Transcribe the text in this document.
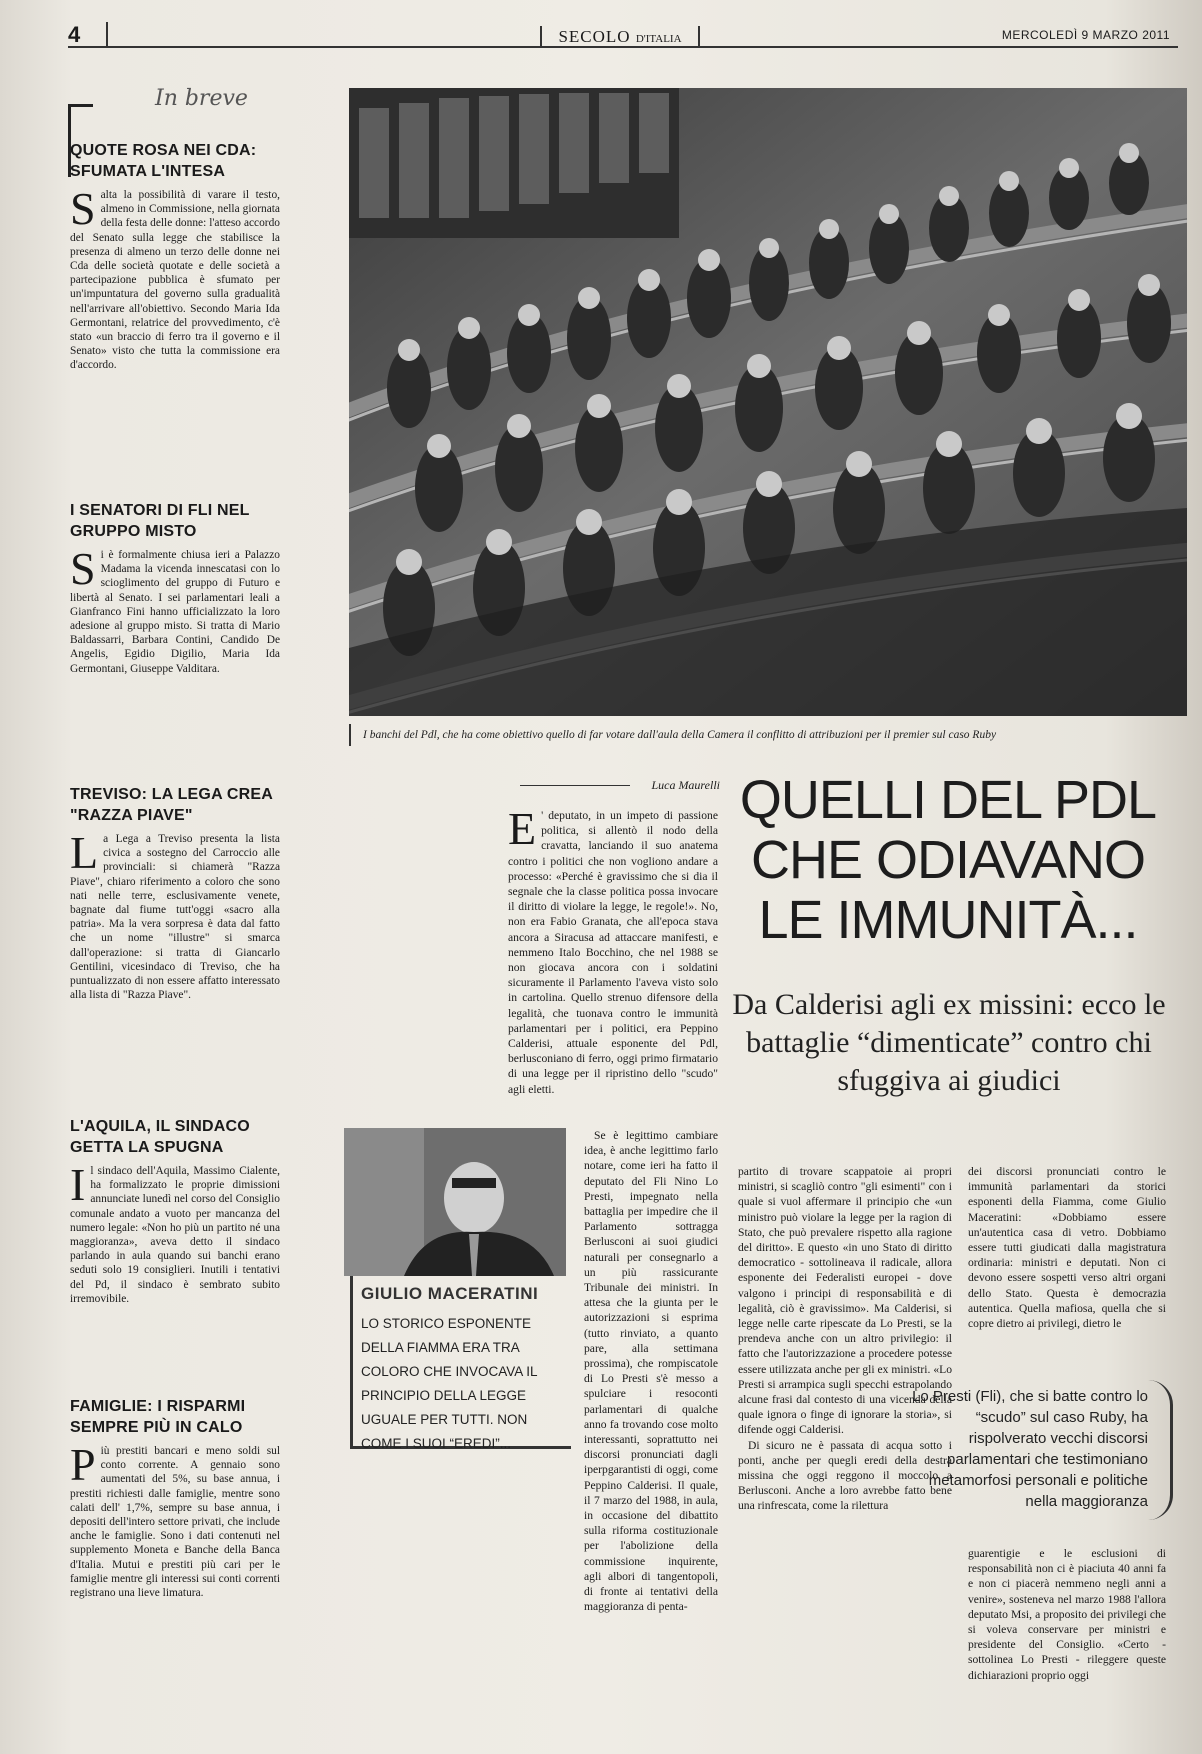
4	SECOLO D'ITALIA	MERCOLEDÌ 9 MARZO 2011
In breve
QUOTE ROSA NEI CDA: SFUMATA L'INTESA

Salta la possibilità di varare il testo, almeno in Commissione, nella giornata della festa delle donne: l'atteso accordo del Senato sulla legge che stabilisce la presenza di almeno un terzo delle donne nei Cda delle società quotate e delle società a partecipazione pubblica è sfumato per un'impuntatura del governo sulla gradualità nell'arrivare all'obiettivo. Secondo Maria Ida Germontani, relatrice del provvedimento, c'è stato «un braccio di ferro tra il governo e il Senato» visto che tutta la commissione era d'accordo.

I SENATORI DI FLI NEL GRUPPO MISTO

Si è formalmente chiusa ieri a Palazzo Madama la vicenda innescatasi con lo scioglimento del gruppo di Futuro e libertà al Senato. I sei parlamentari leali a Gianfranco Fini hanno ufficializzato la loro adesione al gruppo misto. Si tratta di Mario Baldassarri, Barbara Contini, Candido De Angelis, Egidio Digilio, Maria Ida Germontani, Giuseppe Valditara.

TREVISO: LA LEGA CREA "RAZZA PIAVE"

La Lega a Treviso presenta la lista civica a sostegno del Carroccio alle provinciali: si chiamerà "Razza Piave", chiaro riferimento a coloro che sono nati nelle terre, esclusivamente venete, bagnate dal fiume tutt'oggi «sacro alla patria». Ma la vera sorpresa è data dal fatto che un nome "illustre" si smarca dall'operazione: si tratta di Giancarlo Gentilini, vicesindaco di Treviso, che ha puntualizzato di non essere affatto interessato alla lista di "Razza Piave".

L'AQUILA, IL SINDACO GETTA LA SPUGNA

Il sindaco dell'Aquila, Massimo Cialente, ha formalizzato le proprie dimissioni annunciate lunedì nel corso del Consiglio comunale andato a vuoto per mancanza del numero legale: «Non ho più un partito né una maggioranza», aveva detto il sindaco parlando in aula quando sui banchi erano seduti solo 19 consiglieri. Inutili i tentativi del Pd, il sindaco è sembrato subito irremovibile.

FAMIGLIE: I RISPARMI SEMPRE PIÙ IN CALO

Più prestiti bancari e meno soldi sul conto corrente. A gennaio sono aumentati del 5%, su base annua, i prestiti richiesti dalle famiglie, mentre sono calati dell' 1,7%, sempre su base annua, i depositi dell'intero settore privati, che include anche le famiglie. Sono i dati contenuti nel supplemento Moneta e Banche della Banca d'Italia. Mutui e prestiti più cari per le famiglie mentre gli interessi sui conti correnti registrano una lieve limatura.

I banchi del Pdl, che ha come obiettivo quello di far votare dall'aula della Camera il conflitto di attribuzioni per il premier sul caso Ruby
Luca Maurelli QUELLI DEL PDL
CHE ODIAVANO
LE IMMUNITÀ...
Da Calderisi agli ex missini: ecco le battaglie “dimenticate” contro chi sfuggiva ai giudici

E ' deputato, in un impeto di passione politica, si allentò il nodo della cravatta, lanciando il suo anatema contro i politici che non vogliono andare a processo: «Perché è gravissimo che si dia il segnale che la classe politica possa invocare il diritto di violare la legge, le regole!». No, non era Fabio Granata, che all'epoca stava ancora a Siracusa ad attaccare manifesti, e nemmeno Italo Bocchino, che nel 1988 se non giocava ancora con i soldatini sicuramente il Parlamento l'aveva visto solo in cartolina. Quello strenuo difensore della legalità, che tuonava contro le immunità parlamentari per i politici, era Peppino Calderisi, attuale esponente del Pdl, berlusconiano di ferro, oggi primo firmatario di una legge per il ripristino dello "scudo" agli eletti.

Se è legittimo cambiare idea, è anche legittimo farlo notare, come ieri ha fatto il deputato del Fli Nino Lo Presti, impegnato nella battaglia per impedire che il Parlamento sottragga Berlusconi ai suoi giudici naturali per consegnarlo a un più rassicurante Tribunale dei ministri. In attesa che la giunta per le autorizzazioni si esprima (tutto rinviato, a quanto pare, alla settimana prossima), che rompiscatole di Lo Presti s'è messo a spulciare i resoconti parlamentari di qualche anno fa trovando cose molto interessanti, soprattutto nei discorsi pronunciati dagli iperpgarantisti di oggi, come Peppino Calderisi. Il quale, il 7 marzo del 1988, in aula, in occasione del dibattito sulla riforma costituzionale per l'abolizione della commissione inquirente, agli albori di tangentopoli, di fronte ai tentativi della maggioranza di penta-

partito di trovare scappatoie ai propri ministri, si scagliò contro "gli esimenti" con i quale si vuol affermare il principio che «un ministro può violare la legge per la ragion di Stato, che può prevalere rispetto alla ragione del diritto». E questo «in uno Stato di diritto democratico - sottolineava il radicale, allora esponente dei Federalisti europei - dove valgono i principi di responsabilità e di legalità, ciò è gravissimo». Ma Calderisi, si legge nelle carte ripescate da Lo Presti, se la prendeva anche con un altro privilegio: il fatto che l'autorizzazione a procedere potesse essere utilizzata anche per gli ex ministri. «Lo Presti si arrampica sugli specchi estrapolando alcune frasi dal contesto di una vicenda della quale ignora o finge di ignorare la storia», si difende oggi Calderisi.

Di sicuro ne è passata di acqua sotto i ponti, anche per quegli eredi della destra missina che oggi reggono il moccolo a Berlusconi. Anche a loro avrebbe fatto bene una rinfrescata, come la rilettura

dei discorsi pronunciati contro le immunità parlamentari da storici esponenti della Fiamma, come Giulio Maceratini: «Dobbiamo essere un'autentica casa di vetro. Dobbiamo essere tutti giudicati dalla magistratura ordinaria: ministri e deputati. Non ci devono essere sospetti verso altri organi dello Stato. Questa è democrazia autentica. Quella mafiosa, quella che si copre dietro ai privilegi, dietro le

Lo Presti (Fli), che si batte contro lo “scudo” sul caso Ruby, ha rispolverato vecchi discorsi parlamentari che testimoniano metamorfosi personali e politiche nella maggioranza

guarentigie e le esclusioni di responsabilità non ci è piaciuta 40 anni fa e non ci piacerà nemmeno negli anni a venire», sosteneva nel marzo 1988 l'allora deputato Msi, a proposito dei privilegi che si voleva conservare per ministri e presidente del Consiglio. «Certo - sottolinea Lo Presti - rileggere queste dichiarazioni proprio oggi

GIULIO MACERATINI
LO STORICO ESPONENTE DELLA FIAMMA ERA TRA COLORO CHE INVOCAVA IL PRINCIPIO DELLA LEGGE UGUALE PER TUTTI. NON COME I SUOI “EREDI”...
